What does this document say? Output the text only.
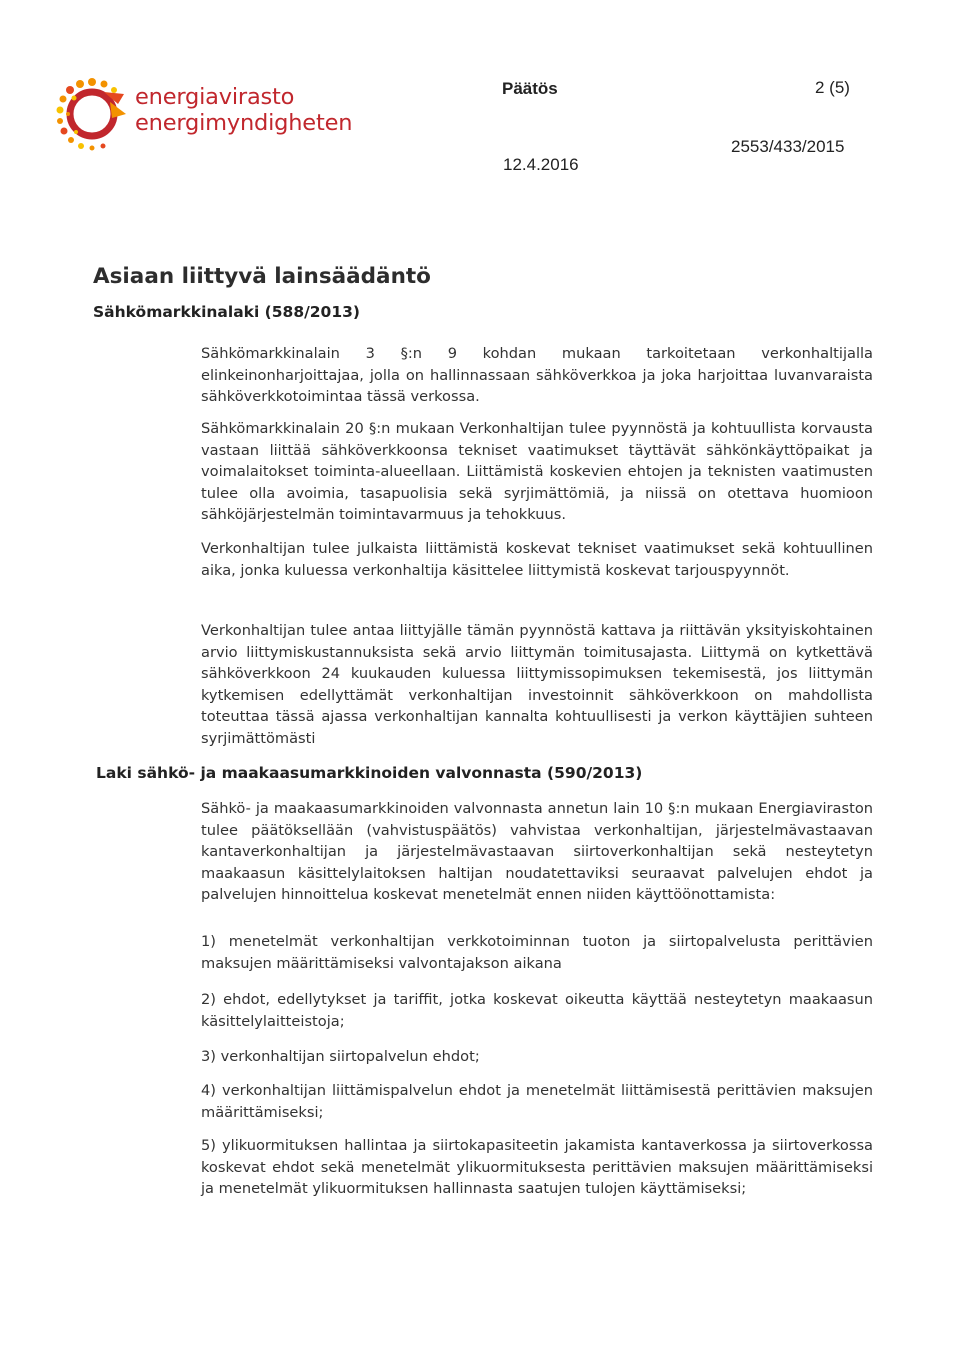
energiavirasto
energimyndigheten
Päätös	2 (5)
2553/433/2015
12.4.2016
Asiaan liittyvä lainsäädäntö
Sähkömarkkinalaki (588/2013)

Sähkömarkkinalain 3 §:n 9 kohdan mukaan tarkoitetaan verkonhaltijalla elinkeinonharjoittajaa, jolla on hallinnassaan sähköverkkoa ja joka harjoittaa luvanvaraista sähköverkkotoimintaa tässä verkossa.

Sähkömarkkinalain 20 §:n mukaan Verkonhaltijan tulee pyynnöstä ja kohtuullista korvausta vastaan liittää sähköverkkoonsa tekniset vaatimukset täyttävät sähkönkäyttöpaikat ja voimalaitokset toiminta-alueellaan. Liittämistä koskevien ehtojen ja teknisten vaatimusten tulee olla avoimia, tasapuolisia sekä syrjimättömiä, ja niissä on otettava huomioon sähköjärjestelmän toimintavarmuus ja tehokkuus.

Verkonhaltijan tulee julkaista liittämistä koskevat tekniset vaatimukset sekä kohtuullinen aika, jonka kuluessa verkonhaltija käsittelee liittymistä koskevat tarjouspyynnöt.

Verkonhaltijan tulee antaa liittyjälle tämän pyynnöstä kattava ja riittävän yksityiskohtainen arvio liittymiskustannuksista sekä arvio liittymän toimitusajasta. Liittymä on kytkettävä sähköverkkoon 24 kuukauden kuluessa liittymissopimuksen tekemisestä, jos liittymän kytkemisen edellyttämät verkonhaltijan investoinnit sähköverkkoon on mahdollista toteuttaa tässä ajassa verkonhaltijan kannalta kohtuullisesti ja verkon käyttäjien suhteen syrjimättömästi

Laki sähkö- ja maakaasumarkkinoiden valvonnasta (590/2013)

Sähkö- ja maakaasumarkkinoiden valvonnasta annetun lain 10 §:n mukaan Energiaviraston tulee päätöksellään (vahvistuspäätös) vahvistaa verkonhaltijan, järjestelmävastaavan kantaverkonhaltijan ja järjestelmävastaavan siirtoverkonhaltijan sekä nesteytetyn maakaasun käsittelylaitoksen haltijan noudatettaviksi seuraavat palvelujen ehdot ja palvelujen hinnoittelua koskevat menetelmät ennen niiden käyttöönottamista:

1) menetelmät verkonhaltijan verkkotoiminnan tuoton ja siirtopalvelusta perittävien maksujen määrittämiseksi valvontajakson aikana

2) ehdot, edellytykset ja tariffit, jotka koskevat oikeutta käyttää nesteytetyn maakaasun käsittelylaitteistoja;

3) verkonhaltijan siirtopalvelun ehdot;

4) verkonhaltijan liittämispalvelun ehdot ja menetelmät liittämisestä perittävien maksujen määrittämiseksi;

5) ylikuormituksen hallintaa ja siirtokapasiteetin jakamista kantaverkossa ja siirtoverkossa koskevat ehdot sekä menetelmät ylikuormituksesta perittävien maksujen määrittämiseksi ja menetelmät ylikuormituksen hallinnasta saatujen tulojen käyttämiseksi;
